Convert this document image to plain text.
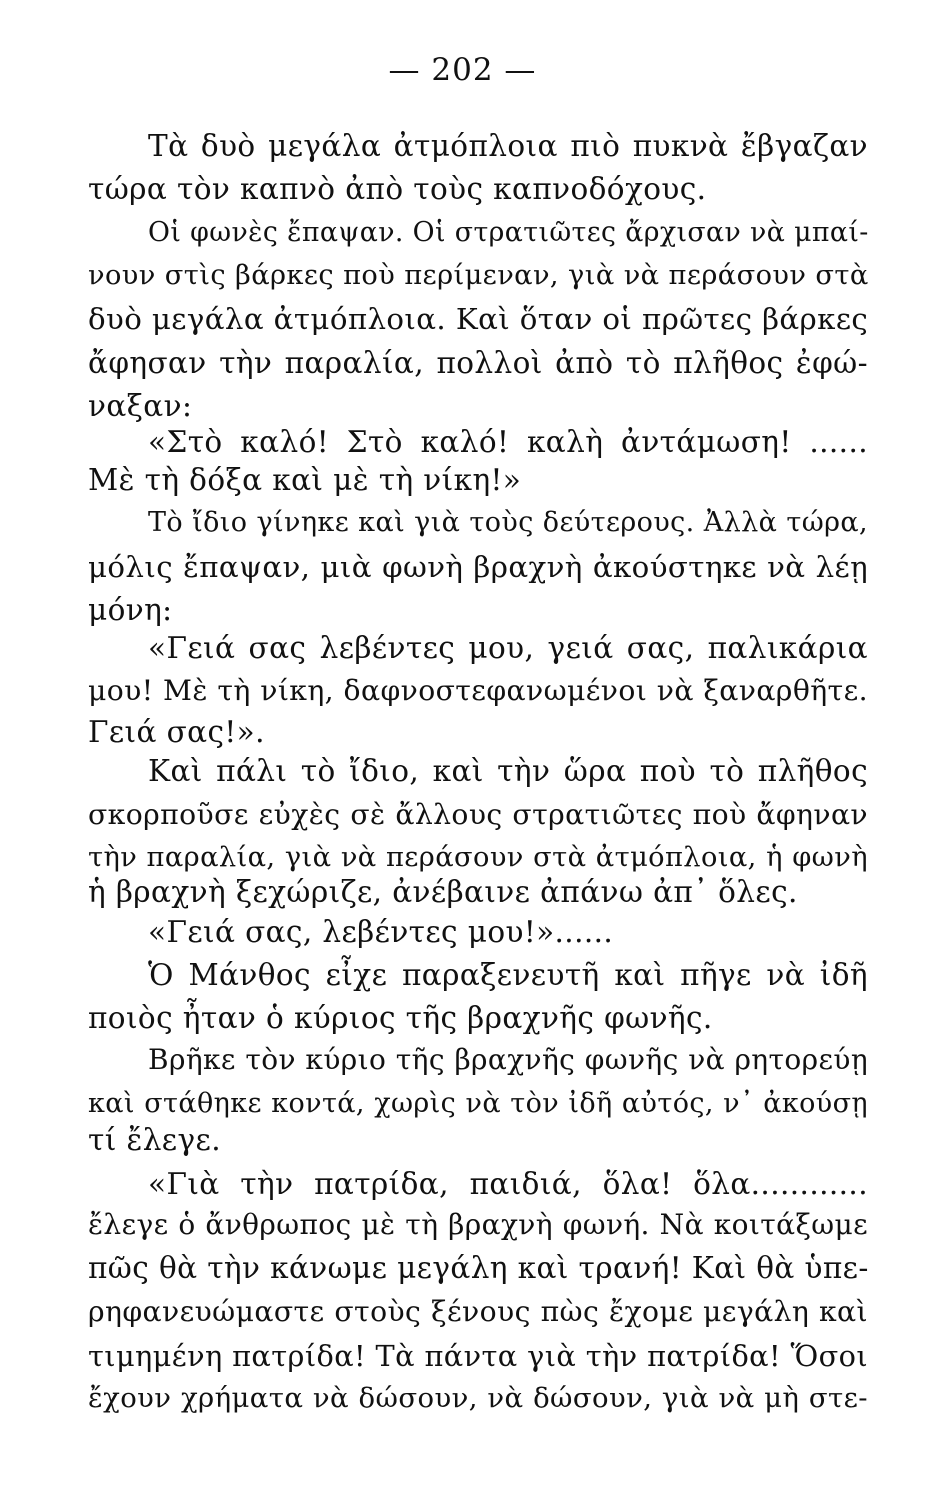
— 202 —
Τὰ δυὸ μεγάλα ἀτμόπλοια πιὸ πυκνὰ ἔβγαζαν
τώρα τὸν καπνὸ ἀπὸ τοὺς καπνοδόχους.
Οἱ φωνὲς ἔπαψαν. Οἱ στρατιῶτες ἄρχισαν νὰ μπαί-
νουν στὶς βάρκες ποὺ περίμεναν, γιὰ νὰ περάσουν στὰ
δυὸ μεγάλα ἀτμόπλοια. Καὶ ὅταν οἱ πρῶτες βάρκες
ἄφησαν τὴν παραλία, πολλοὶ ἀπὸ τὸ πλῆθος ἐφώ-
ναξαν:
«Στὸ καλό! Στὸ καλό! καλὴ ἀντάμωση! ......
Μὲ τὴ δόξα καὶ μὲ τὴ νίκη!»
Τὸ ἴδιο γίνηκε καὶ γιὰ τοὺς δεύτερους. Ἀλλὰ τώρα,
μόλις ἔπαψαν, μιὰ φωνὴ βραχνὴ ἀκούστηκε νὰ λέῃ
μόνη:
«Γειά σας λεβέντες μου, γειά σας, παλικάρια
μου! Μὲ τὴ νίκη, δαφνοστεφανωμένοι νὰ ξαναρθῆτε.
Γειά σας!».
Καὶ πάλι τὸ ἴδιο, καὶ τὴν ὥρα ποὺ τὸ πλῆθος
σκορποῦσε εὐχὲς σὲ ἄλλους στρατιῶτες ποὺ ἄφηναν
τὴν παραλία, γιὰ νὰ περάσουν στὰ ἀτμόπλοια, ἡ φωνὴ
ἡ βραχνὴ ξεχώριζε, ἀνέβαινε ἀπάνω ἀπ᾿ ὅλες.
«Γειά σας, λεβέντες μου!»......
Ὁ Μάνθος εἶχε παραξενευτῆ καὶ πῆγε νὰ ἰδῆ
ποιὸς ἦταν ὁ κύριος τῆς βραχνῆς φωνῆς.
Βρῆκε τὸν κύριο τῆς βραχνῆς φωνῆς νὰ ρητορεύῃ
καὶ στάθηκε κοντά, χωρὶς νὰ τὸν ἰδῆ αὐτός, ν᾿ ἀκούσῃ
τί ἔλεγε.
«Γιὰ τὴν πατρίδα, παιδιά, ὅλα! ὅλα............
ἔλεγε ὁ ἄνθρωπος μὲ τὴ βραχνὴ φωνή. Νὰ κοιτάξωμε
πῶς θὰ τὴν κάνωμε μεγάλη καὶ τρανή! Καὶ θὰ ὑπε-
ρηφανευώμαστε στοὺς ξένους πὼς ἔχομε μεγάλη καὶ
τιμημένη πατρίδα! Τὰ πάντα γιὰ τὴν πατρίδα! Ὅσοι
ἔχουν χρήματα νὰ δώσουν, νὰ δώσουν, γιὰ νὰ μὴ στε-
